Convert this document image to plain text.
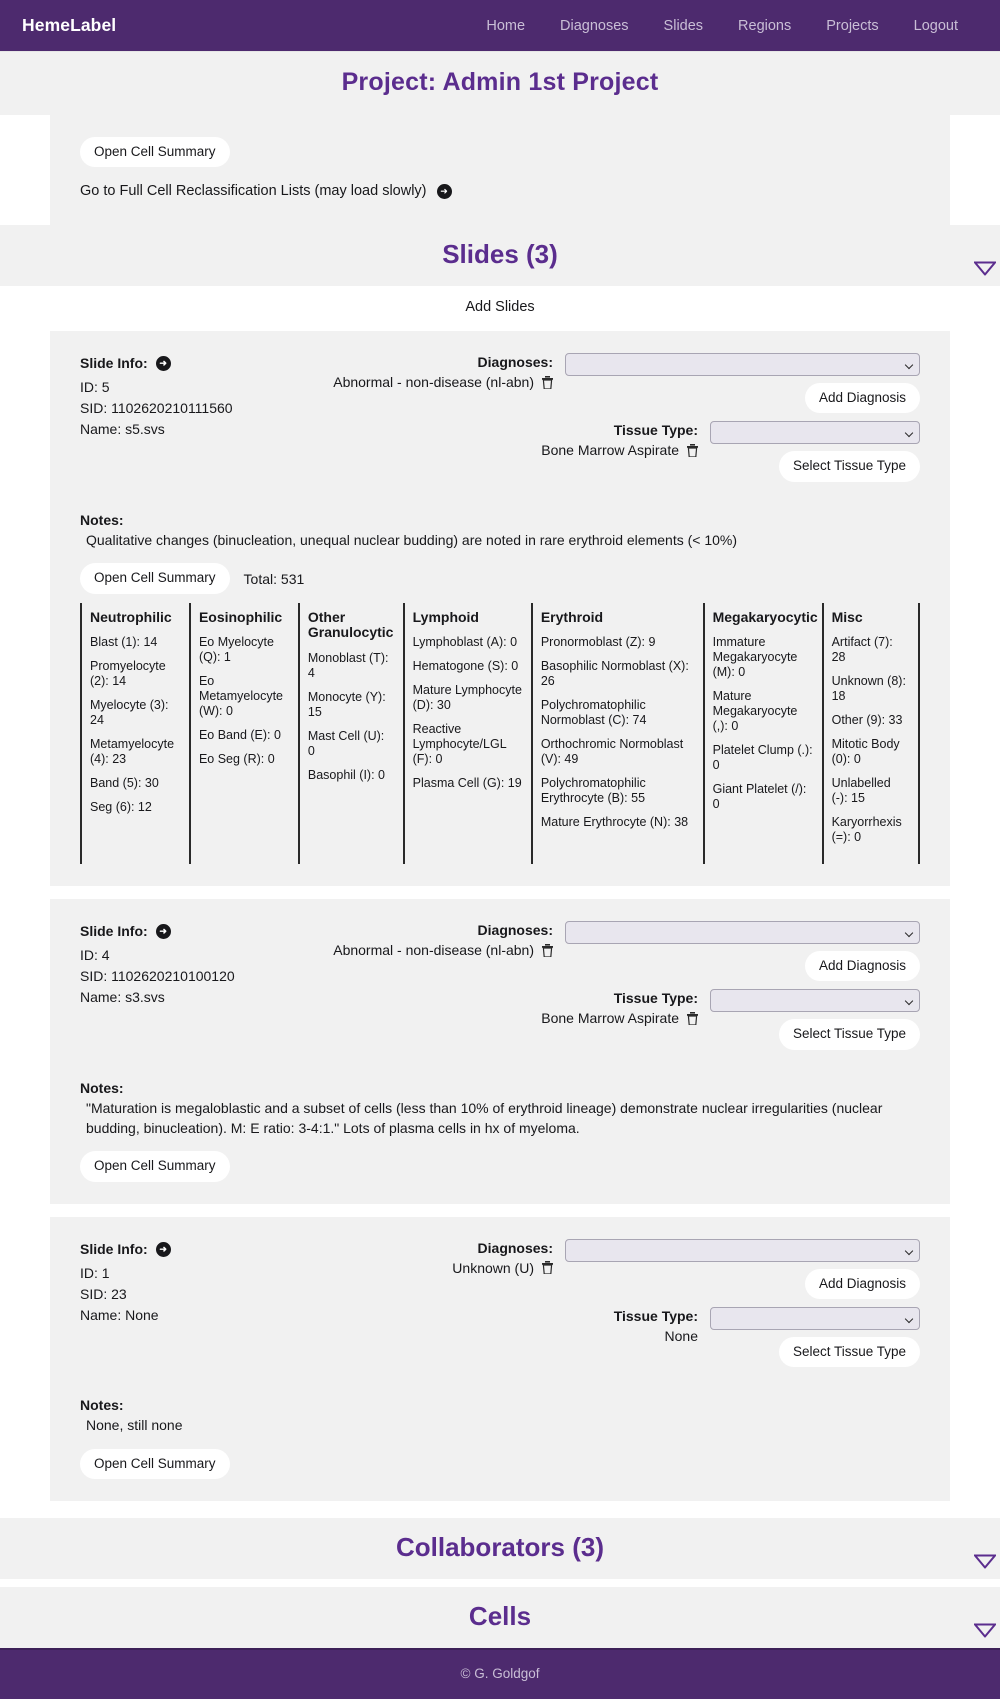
HemeLabel	Home Diagnoses Slides Regions Projects Logout
Project: Admin 1st Project
Open Cell Summary
Go to Full Cell Reclassification Lists (may load slowly)	➜
Slides (3)
Add Slides
Slide Info:	➜
ID: 5
SID: 1102620210111560
Name: s5.svs
Diagnoses:
Abnormal - non-disease (nl-abn)
Add Diagnosis
Tissue Type:
Bone Marrow Aspirate
Select Tissue Type
Notes:
Qualitative changes (binucleation, unequal nuclear budding) are noted in rare erythroid elements (< 10%)
Open Cell Summary	Total: 531
Neutrophilic
Blast (1): 14
Promyelocyte (2): 14
Myelocyte (3): 24
Metamyelocyte (4): 23
Band (5): 30
Seg (6): 12
Eosinophilic
Eo Myelocyte (Q): 1
Eo Metamyelocyte (W): 0
Eo Band (E): 0
Eo Seg (R): 0
Other Granulocytic
Monoblast (T): 4
Monocyte (Y): 15
Mast Cell (U): 0
Basophil (I): 0
Lymphoid
Lymphoblast (A): 0
Hematogone (S): 0
Mature Lymphocyte (D): 30
Reactive Lymphocyte/LGL (F): 0
Plasma Cell (G): 19
Erythroid
Pronormoblast (Z): 9
Basophilic Normoblast (X): 26
Polychromatophilic Normoblast (C): 74
Orthochromic Normoblast (V): 49
Polychromatophilic Erythrocyte (B): 55
Mature Erythrocyte (N): 38
Megakaryocytic
Immature Megakaryocyte (M): 0
Mature Megakaryocyte (,): 0
Platelet Clump (.): 0
Giant Platelet (/): 0
Misc
Artifact (7): 28
Unknown (8): 18
Other (9): 33
Mitotic Body (0): 0
Unlabelled (-): 15
Karyorrhexis (=): 0
Slide Info:	➜
ID: 4
SID: 1102620210100120
Name: s3.svs
Diagnoses:
Abnormal - non-disease (nl-abn)
Add Diagnosis
Tissue Type:
Bone Marrow Aspirate
Select Tissue Type
Notes:
"Maturation is megaloblastic and a subset of cells (less than 10% of erythroid lineage) demonstrate nuclear irregularities (nuclear budding, binucleation). M: E ratio: 3-4:1." Lots of plasma cells in hx of myeloma.
Open Cell Summary
Slide Info:	➜
ID: 1
SID: 23
Name: None
Diagnoses:
Unknown (U)
Add Diagnosis
Tissue Type:
None
Select Tissue Type
Notes:
None, still none
Open Cell Summary
Collaborators (3)
Cells
© G. Goldgof
